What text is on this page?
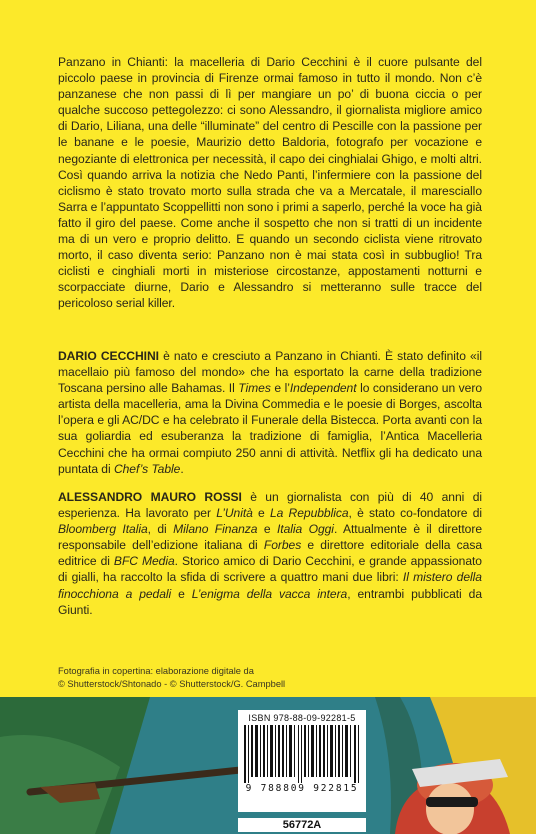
Panzano in Chianti: la macelleria di Dario Cecchini è il cuore pulsante del piccolo paese in provincia di Firenze ormai famoso in tutto il mondo. Non c’è panzanese che non passi di lì per mangiare un po’ di buona ciccia o per qualche succoso pettegolezzo: ci sono Alessandro, il giornalista migliore amico di Dario, Liliana, una delle “illuminate” del centro di Pescille con la passione per le banane e le poesie, Maurizio detto Baldoria, fotografo per vocazione e negoziante di elettronica per necessità, il capo dei cinghialai Ghigo, e molti altri. Così quando arriva la notizia che Nedo Panti, l’infermiere con la passione del ciclismo è stato trovato morto sulla strada che va a Mercatale, il maresciallo Sarra e l’appuntato Scoppellitti non sono i primi a saperlo, perché la voce ha già fatto il giro del paese. Come anche il sospetto che non si tratti di un incidente ma di un vero e proprio delitto. E quando un secondo ciclista viene ritrovato morto, il caso diventa serio: Panzano non è mai stata così in subbuglio! Tra ciclisti e cinghiali morti in misteriose circostanze, appostamenti notturni e scorpacciate diurne, Dario e Alessandro si metteranno sulle tracce del pericoloso serial killer.

DARIO CECCHINI è nato e cresciuto a Panzano in Chianti. È stato definito «il macellaio più famoso del mondo» che ha esportato la carne della tradizione Toscana persino alle Bahamas. Il Times e l’Independent lo considerano un vero artista della macelleria, ama la Divina Commedia e le poesie di Borges, ascolta l’opera e gli AC/DC e ha celebrato il Funerale della Bistecca. Porta avanti con la sua goliardia ed esuberanza la tradizione di famiglia, l’Antica Macelleria Cecchini che ha ormai compiuto 250 anni di attività. Netflix gli ha dedicato una puntata di Chef’s Table.

ALESSANDRO MAURO ROSSI è un giornalista con più di 40 anni di esperienza. Ha lavorato per L’Unità e La Repubblica, è stato co-fondatore di Bloomberg Italia, di Milano Finanza e Italia Oggi. Attualmente è il direttore responsabile dell’edizione italiana di Forbes e direttore editoriale della casa editrice di BFC Media. Storico amico di Dario Cecchini, e grande appassionato di gialli, ha raccolto la sfida di scrivere a quattro mani due libri: Il mistero della finocchiona a pedali e L’enigma della vacca intera, entrambi pubblicati da Giunti.

Fotografia in copertina: elaborazione digitale da
© Shutterstock/Shtonado - © Shutterstock/G. Campbell
ISBN 978-88-09-92281-5
9 788809 922815
56772A
